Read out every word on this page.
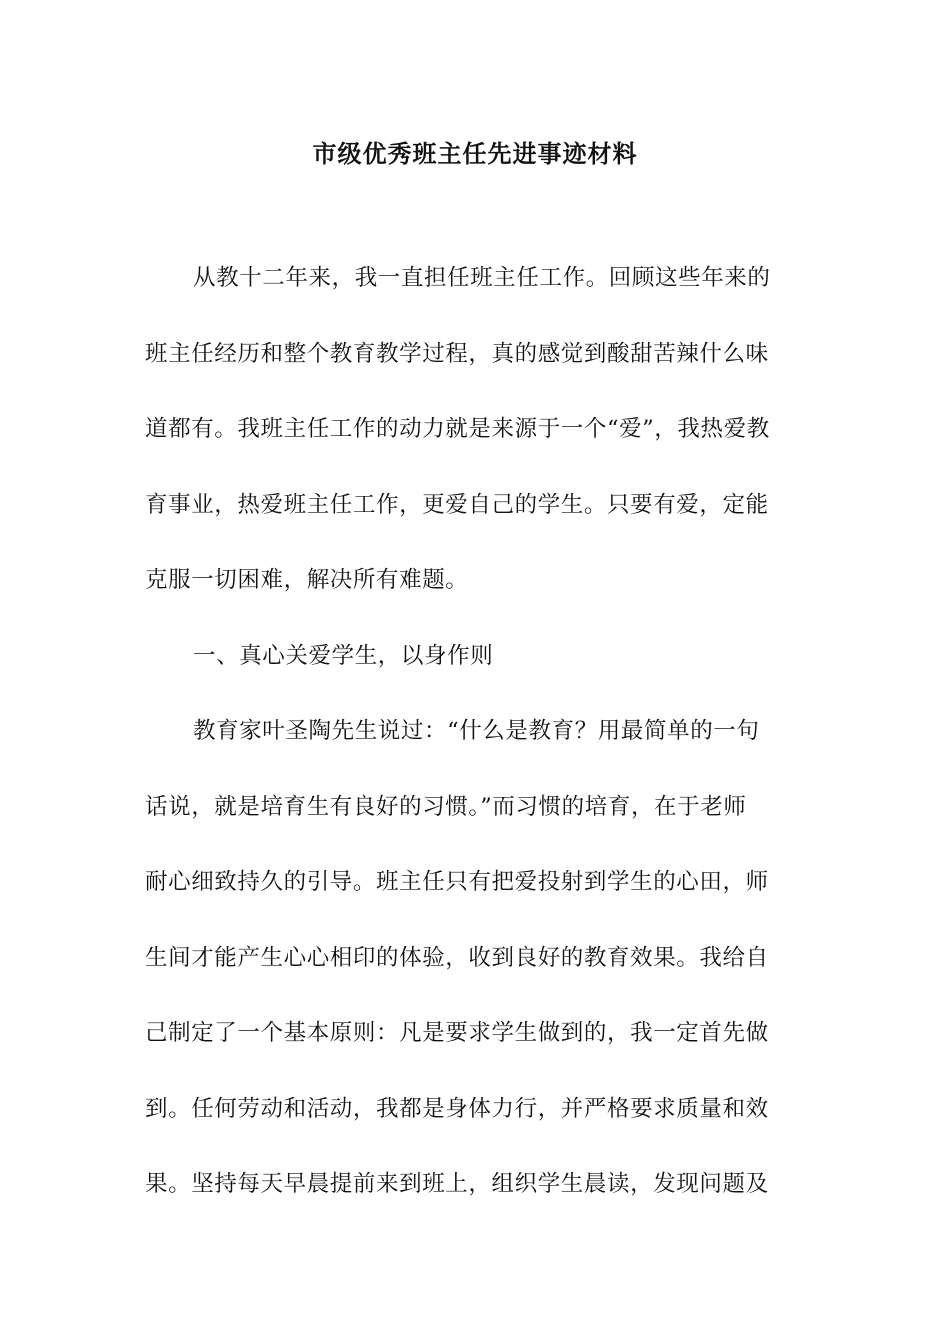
市级优秀班主任先进事迹材料
从教十二年来，我一直担任班主任工作。回顾这些年来的
班主任经历和整个教育教学过程，真的感觉到酸甜苦辣什么味
道都有。我班主任工作的动力就是来源于一个“爱”，我热爱教
育事业，热爱班主任工作，更爱自己的学生。只要有爱，定能
克服一切困难，解决所有难题。
一、真心关爱学生，以身作则
教育家叶圣陶先生说过：“什么是教育？用最简单的一句
话说，就是培育生有良好的习惯。”而习惯的培育，在于老师
耐心细致持久的引导。班主任只有把爱投射到学生的心田，师
生间才能产生心心相印的体验，收到良好的教育效果。我给自
己制定了一个基本原则：凡是要求学生做到的，我一定首先做
到。任何劳动和活动，我都是身体力行，并严格要求质量和效
果。坚持每天早晨提前来到班上，组织学生晨读，发现问题及
